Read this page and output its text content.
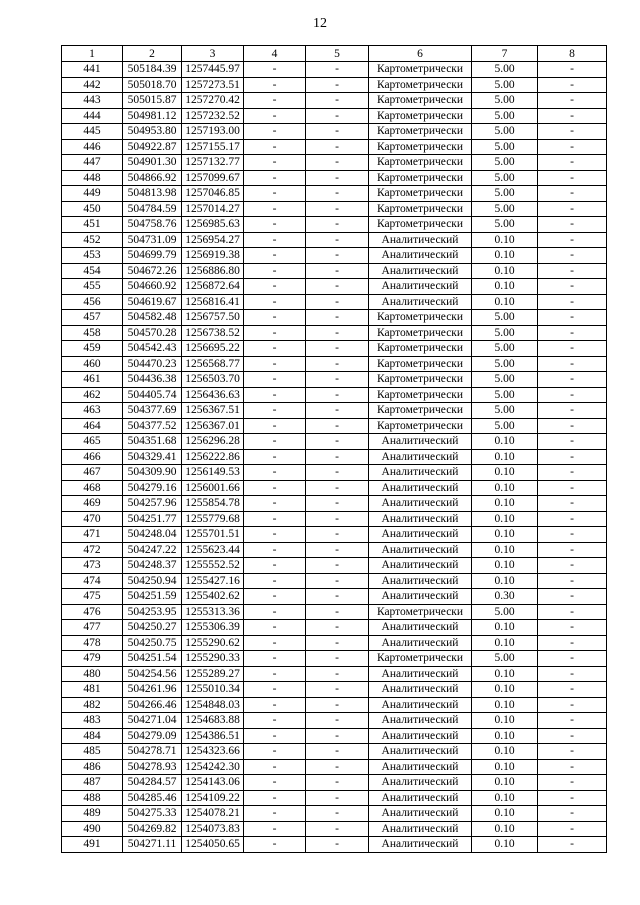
12
1	2	3	4	5	6	7	8
441	505184.39	1257445.97	-	-	Картометрически	5.00	-
442	505018.70	1257273.51	-	-	Картометрически	5.00	-
443	505015.87	1257270.42	-	-	Картометрически	5.00	-
444	504981.12	1257232.52	-	-	Картометрически	5.00	-
445	504953.80	1257193.00	-	-	Картометрически	5.00	-
446	504922.87	1257155.17	-	-	Картометрически	5.00	-
447	504901.30	1257132.77	-	-	Картометрически	5.00	-
448	504866.92	1257099.67	-	-	Картометрически	5.00	-
449	504813.98	1257046.85	-	-	Картометрически	5.00	-
450	504784.59	1257014.27	-	-	Картометрически	5.00	-
451	504758.76	1256985.63	-	-	Картометрически	5.00	-
452	504731.09	1256954.27	-	-	Аналитический	0.10	-
453	504699.79	1256919.38	-	-	Аналитический	0.10	-
454	504672.26	1256886.80	-	-	Аналитический	0.10	-
455	504660.92	1256872.64	-	-	Аналитический	0.10	-
456	504619.67	1256816.41	-	-	Аналитический	0.10	-
457	504582.48	1256757.50	-	-	Картометрически	5.00	-
458	504570.28	1256738.52	-	-	Картометрически	5.00	-
459	504542.43	1256695.22	-	-	Картометрически	5.00	-
460	504470.23	1256568.77	-	-	Картометрически	5.00	-
461	504436.38	1256503.70	-	-	Картометрически	5.00	-
462	504405.74	1256436.63	-	-	Картометрически	5.00	-
463	504377.69	1256367.51	-	-	Картометрически	5.00	-
464	504377.52	1256367.01	-	-	Картометрически	5.00	-
465	504351.68	1256296.28	-	-	Аналитический	0.10	-
466	504329.41	1256222.86	-	-	Аналитический	0.10	-
467	504309.90	1256149.53	-	-	Аналитический	0.10	-
468	504279.16	1256001.66	-	-	Аналитический	0.10	-
469	504257.96	1255854.78	-	-	Аналитический	0.10	-
470	504251.77	1255779.68	-	-	Аналитический	0.10	-
471	504248.04	1255701.51	-	-	Аналитический	0.10	-
472	504247.22	1255623.44	-	-	Аналитический	0.10	-
473	504248.37	1255552.52	-	-	Аналитический	0.10	-
474	504250.94	1255427.16	-	-	Аналитический	0.10	-
475	504251.59	1255402.62	-	-	Аналитический	0.30	-
476	504253.95	1255313.36	-	-	Картометрически	5.00	-
477	504250.27	1255306.39	-	-	Аналитический	0.10	-
478	504250.75	1255290.62	-	-	Аналитический	0.10	-
479	504251.54	1255290.33	-	-	Картометрически	5.00	-
480	504254.56	1255289.27	-	-	Аналитический	0.10	-
481	504261.96	1255010.34	-	-	Аналитический	0.10	-
482	504266.46	1254848.03	-	-	Аналитический	0.10	-
483	504271.04	1254683.88	-	-	Аналитический	0.10	-
484	504279.09	1254386.51	-	-	Аналитический	0.10	-
485	504278.71	1254323.66	-	-	Аналитический	0.10	-
486	504278.93	1254242.30	-	-	Аналитический	0.10	-
487	504284.57	1254143.06	-	-	Аналитический	0.10	-
488	504285.46	1254109.22	-	-	Аналитический	0.10	-
489	504275.33	1254078.21	-	-	Аналитический	0.10	-
490	504269.82	1254073.83	-	-	Аналитический	0.10	-
491	504271.11	1254050.65	-	-	Аналитический	0.10	-
